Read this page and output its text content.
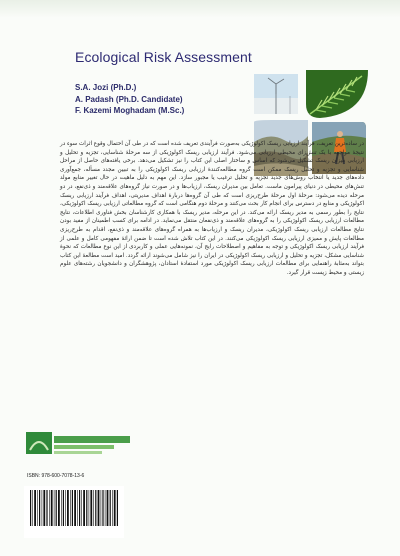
Ecological Risk Assessment
S.A. Jozi (Ph.D.)
A. Padash (Ph.D. Candidate)
F. Kazemi Moghadam (M.Sc.)

در ساده‌ترین تعریف، فرآیند ارزیابی ریسک اکولوژیکی به‌صورت فرآیندی تعریف شده است که در طی آن احتمال وقوع اثرات سوء در نتیجهٔ مواجهه با یک تنش‌زای محیطی ارزیابی می‌شود. فرآیند ارزیابی ریسک اکولوژیکی از سه مرحلهٔ شناسایی، تجزیه و تحلیل و ارزیابی میزان ریسک تشکیل می‌شود که اساس و ساختار اصلی این کتاب را نیز تشکیل می‌دهد. برخی یافته‌های حاصل از مراحل شناسایی و تجزیه و تحلیل ریسک ممکن است گروه مطالعه‌کنندهٔ ارزیابی ریسک اکولوژیکی را به تبیین مجدد مسأله، جمع‌آوری داده‌های جدید یا انتخاب روش‌های جدید تجزیه و تحلیل ترغیب یا مجبور سازد. این مهم به دلیل ماهیت در حال تغییر منابع مولد تنش‌های محیطی در دنیای پیرامون ماست. تعامل بین مدیران ریسک، ارزیاب‌ها و در صورت نیاز گروه‌های علاقه‌مند و ذی‌نفع، در دو مرحله دیده می‌شود: مرحلهٔ اول مرحلهٔ طرح‌ریزی است که طی آن گروه‌ها دربارهٔ اهداف مدیریتی، اهداف فرآیند ارزیابی ریسک اکولوژیکی و منابع در دسترس برای انجام کار بحث می‌کنند و مرحلهٔ دوم هنگامی است که گروه مطالعاتی ارزیابی ریسک اکولوژیکی، نتایج را بطور رسمی به مدیر ریسک ارائه می‌کند. در این مرحله، مدیر ریسک با همکاری کارشناسان بخش فناوری اطلاعات، نتایج مطالعات ارزیابی ریسک اکولوژیکی را به گروه‌های علاقه‌مند و ذی‌نفعان منتقل می‌نماید. در ادامه برای کسب اطمینان از مفید بودن نتایج مطالعات ارزیابی ریسک اکولوژیکی، مدیران ریسک و ارزیاب‌ها به همراه گروه‌های علاقه‌مند و ذی‌نفع، اقدام به طرح‌ریزی مطالعات پایش و ممیزی ارزیابی ریسک اکولوژیکی می‌کنند. در این کتاب تلاش شده است تا ضمن ارائهٔ مفهومی کامل و علمی از فرآیند ارزیابی ریسک اکولوژیکی و توجه به مفاهیم و اصطلاحات رایج آن، نمونه‌هایی عملی و کاربردی از این نوع مطالعات که نحوهٔ شناسایی مشکل، تجزیه و تحلیل و ارزیابی ریسک اکولوژیکی در ایران را نیز شامل می‌شوند ارائه گردد. امید است مطالعهٔ این کتاب بتواند به‌مثابهٔ راهنمایی برای مطالعات ارزیابی ریسک اکولوژیکی مورد استفادهٔ استادان، پژوهشگران و دانشجویان رشته‌های علوم زیستی و محیط زیست قرار گیرد.

ISBN: 978-600-7078-13-6
